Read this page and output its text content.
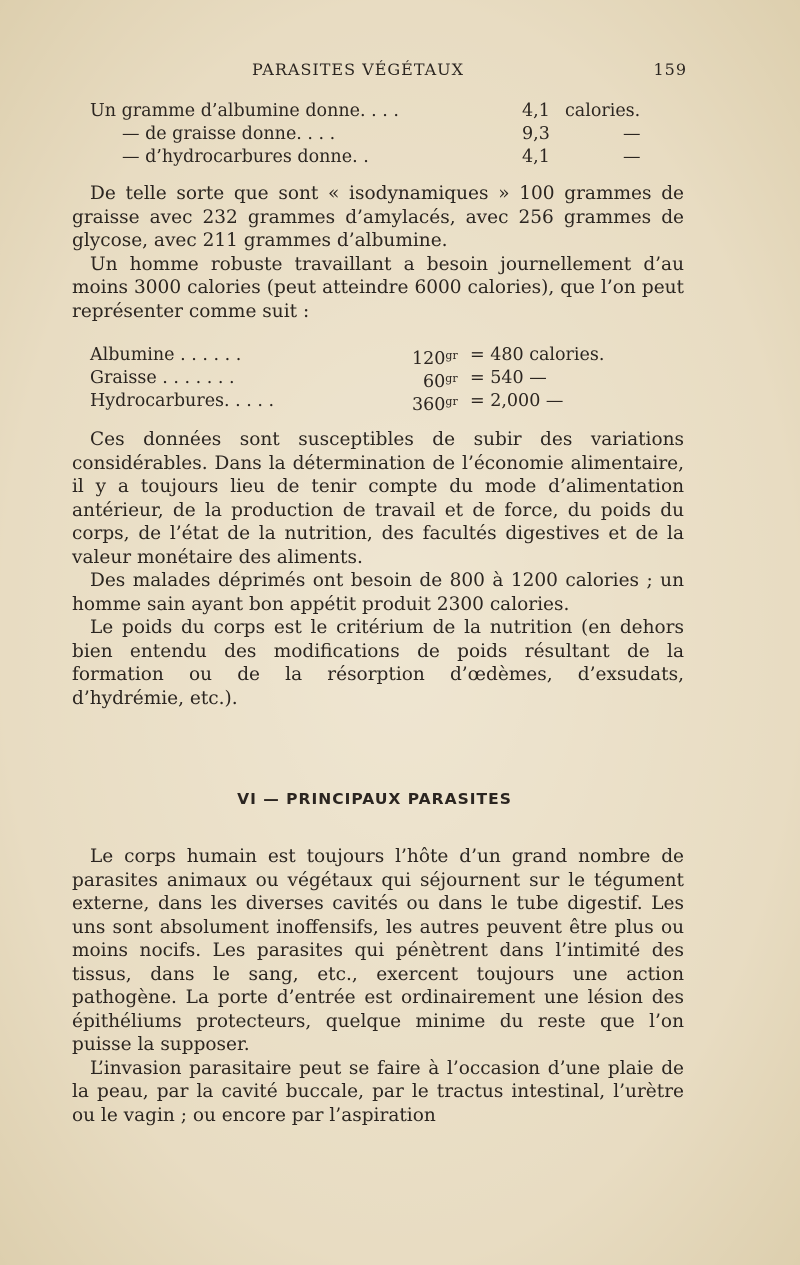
PARASITES VÉGÉTAUX	159
Un gramme d’albumine donne. . . .	4,1 calories.
— de graisse donne. . . .	9,3	—
— d’hydrocarbures donne. .	4,1	—

De telle sorte que sont « isodynamiques » 100 grammes de graisse avec 232 grammes d’amylacés, avec 256 grammes de glycose, avec 211 grammes d’albumine.

Un homme robuste travaillant a besoin journellement d’au moins 3000 calories (peut atteindre 6000 calories), que l’on peut représenter comme suit :

Albumine . . . . . .	$120^{gr} = 480$ calories.
Graisse . . . . . . .	$60^{gr} = 540$ —
Hydrocarbures. . . . .	$360^{gr} = 2,000$ —

Ces données sont susceptibles de subir des variations considérables. Dans la détermination de l’économie alimentaire, il y a toujours lieu de tenir compte du mode d’alimentation antérieur, de la production de travail et de force, du poids du corps, de l’état de la nutrition, des facultés digestives et de la valeur monétaire des aliments.

Des malades déprimés ont besoin de 800 à 1200 calories ; un homme sain ayant bon appétit produit 2300 calories.

Le poids du corps est le critérium de la nutrition (en dehors bien entendu des modifications de poids résultant de la formation ou de la résorption d’œdèmes, d’exsudats, d’hydrémie, etc.).

VI — PRINCIPAUX PARASITES

Le corps humain est toujours l’hôte d’un grand nombre de parasites animaux ou végétaux qui séjournent sur le tégument externe, dans les diverses cavités ou dans le tube digestif. Les uns sont absolument inoffensifs, les autres peuvent être plus ou moins nocifs. Les parasites qui pénètrent dans l’intimité des tissus, dans le sang, etc., exercent toujours une action pathogène. La porte d’entrée est ordinairement une lésion des épithéliums protecteurs, quelque minime du reste que l’on puisse la supposer.

L’invasion parasitaire peut se faire à l’occasion d’une plaie de la peau, par la cavité buccale, par le tractus intestinal, l’urètre ou le vagin ; ou encore par l’aspiration
